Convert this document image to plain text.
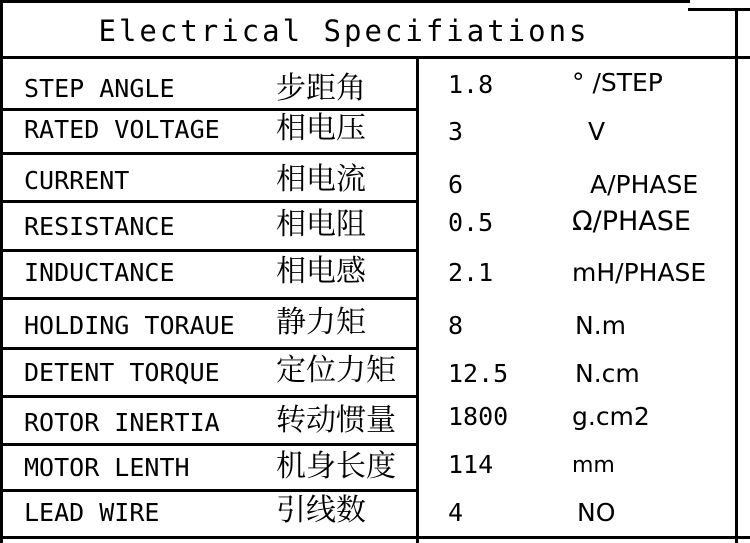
Electrical Specifiations
STEP ANGLE	步距角	1.8	° /STEP
RATED VOLTAGE 相电压	3	V
CURRENT	相电流	6	A/PHASE
RESISTANCE	相电阻	0.5	Ω/PHASE
INDUCTANCE	相电感	2.1	mH/PHASE
HOLDING TORAUE 静力矩	8	N.m
DETENT TORQUE 定位力矩 12.5	N.cm
ROTOR INERTIA 转动惯量 1800	g.cm2
MOTOR LENTH	机身长度 114	mm
LEAD WIRE	引线数	4	NO
